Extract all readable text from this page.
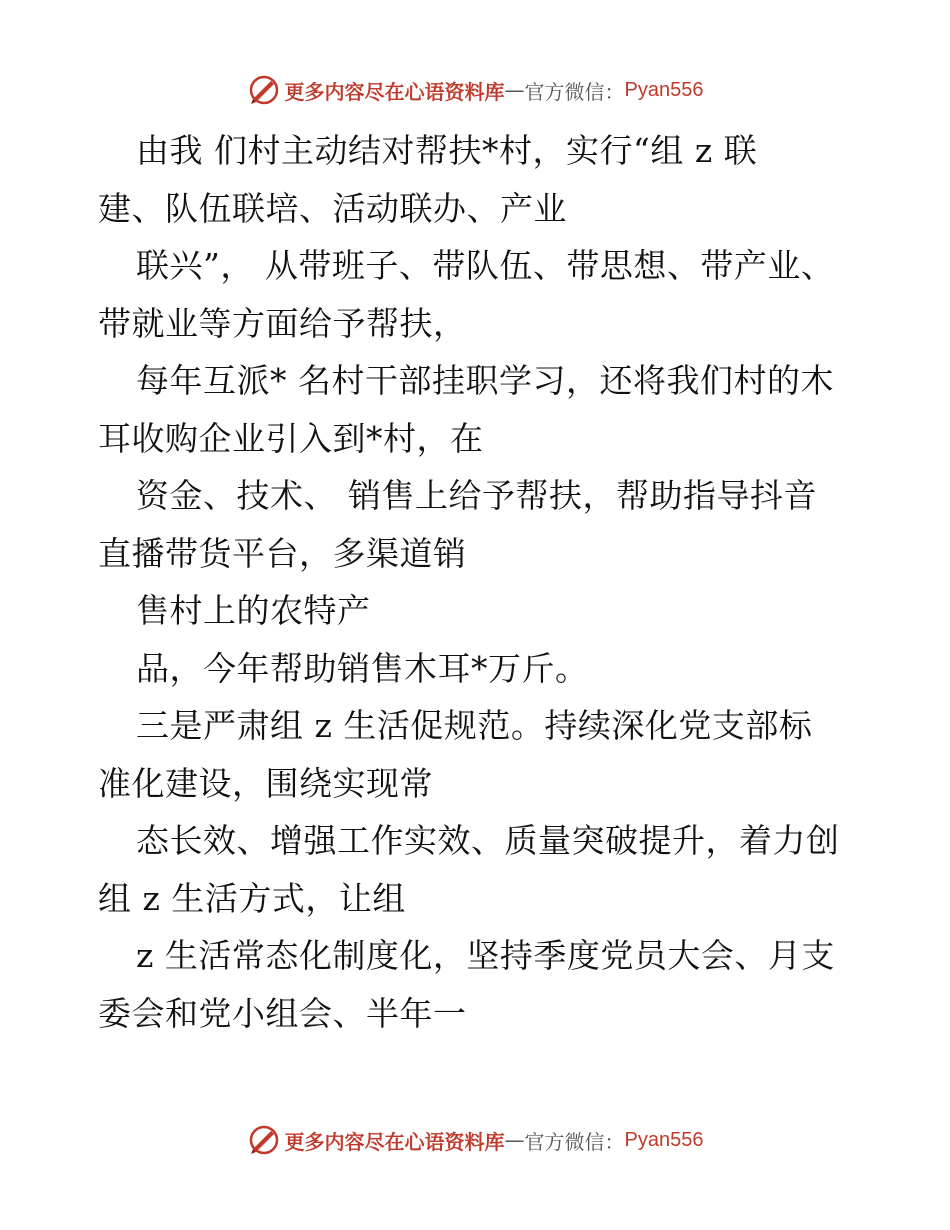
更多内容尽在心语资料库 — 官方微信： Pyan556
由我 们村主动结对帮扶*村，实行“组 z 联
建、队伍联培、活动联办、产业
联兴”， 从带班子、带队伍、带思想、带产业、
带就业等方面给予帮扶，
每年互派* 名村干部挂职学习，还将我们村的木
耳收购企业引入到*村，在
资金、技术、 销售上给予帮扶，帮助指导抖音
直播带货平台，多渠道销
售村上的农特产
品，今年帮助销售木耳*万斤。
三是严肃组 z 生活促规范。持续深化党支部标
准化建设，围绕实现常
态长效、增强工作实效、质量突破提升，着力创
组 z 生活方式，让组
z 生活常态化制度化，坚持季度党员大会、月支
委会和党小组会、半年一
更多内容尽在心语资料库 — 官方微信： Pyan556
